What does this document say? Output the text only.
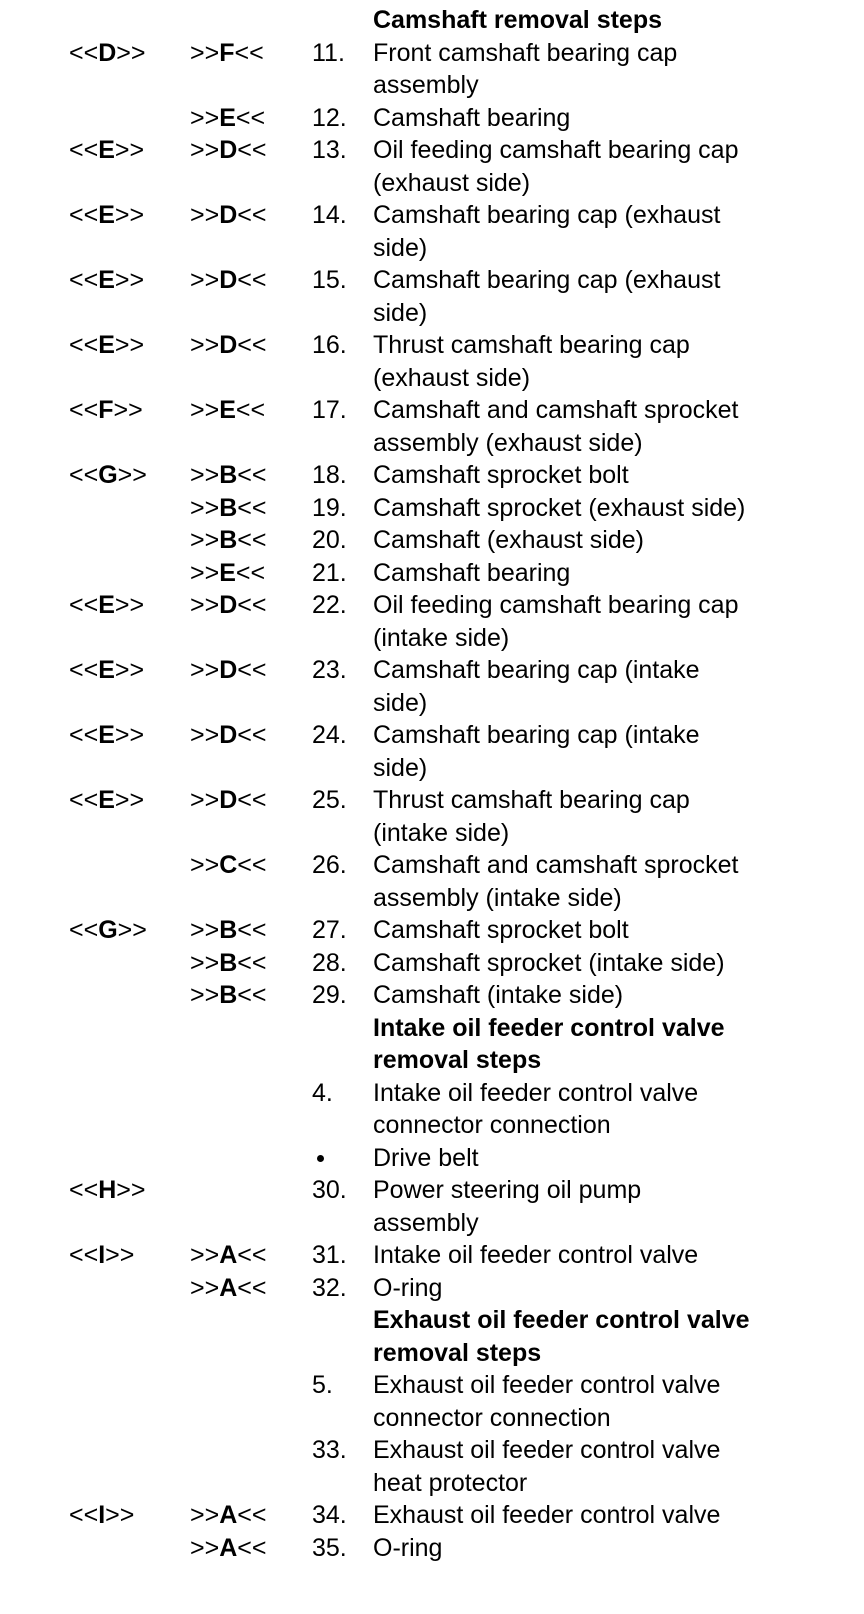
Camshaft removal steps
<<D>> >>F<< 11. Front camshaft bearing cap
assembly
>>E<< 12. Camshaft bearing
<<E>> >>D<< 13. Oil feeding camshaft bearing cap
(exhaust side)
<<E>> >>D<< 14. Camshaft bearing cap (exhaust
side)
<<E>> >>D<< 15. Camshaft bearing cap (exhaust
side)
<<E>> >>D<< 16. Thrust camshaft bearing cap
(exhaust side)
<<F>> >>E<< 17. Camshaft and camshaft sprocket
assembly (exhaust side)
<<G>> >>B<< 18. Camshaft sprocket bolt
>>B<< 19. Camshaft sprocket (exhaust side)
>>B<< 20. Camshaft (exhaust side)
>>E<< 21. Camshaft bearing
<<E>> >>D<< 22. Oil feeding camshaft bearing cap
(intake side)
<<E>> >>D<< 23. Camshaft bearing cap (intake
side)
<<E>> >>D<< 24. Camshaft bearing cap (intake
side)
<<E>> >>D<< 25. Thrust camshaft bearing cap
(intake side)
>>C<< 26. Camshaft and camshaft sprocket
assembly (intake side)
<<G>> >>B<< 27. Camshaft sprocket bolt
>>B<< 28. Camshaft sprocket (intake side)
>>B<< 29. Camshaft (intake side)
Intake oil feeder control valve
removal steps
4. Intake oil feeder control valve
connector connection
Drive belt
<<H>>	30. Power steering oil pump
assembly
<<I>> >>A<< 31. Intake oil feeder control valve
>>A<< 32. O-ring
Exhaust oil feeder control valve
removal steps
5. Exhaust oil feeder control valve
connector connection
33. Exhaust oil feeder control valve
heat protector
<<I>> >>A<< 34. Exhaust oil feeder control valve
>>A<< 35. O-ring
